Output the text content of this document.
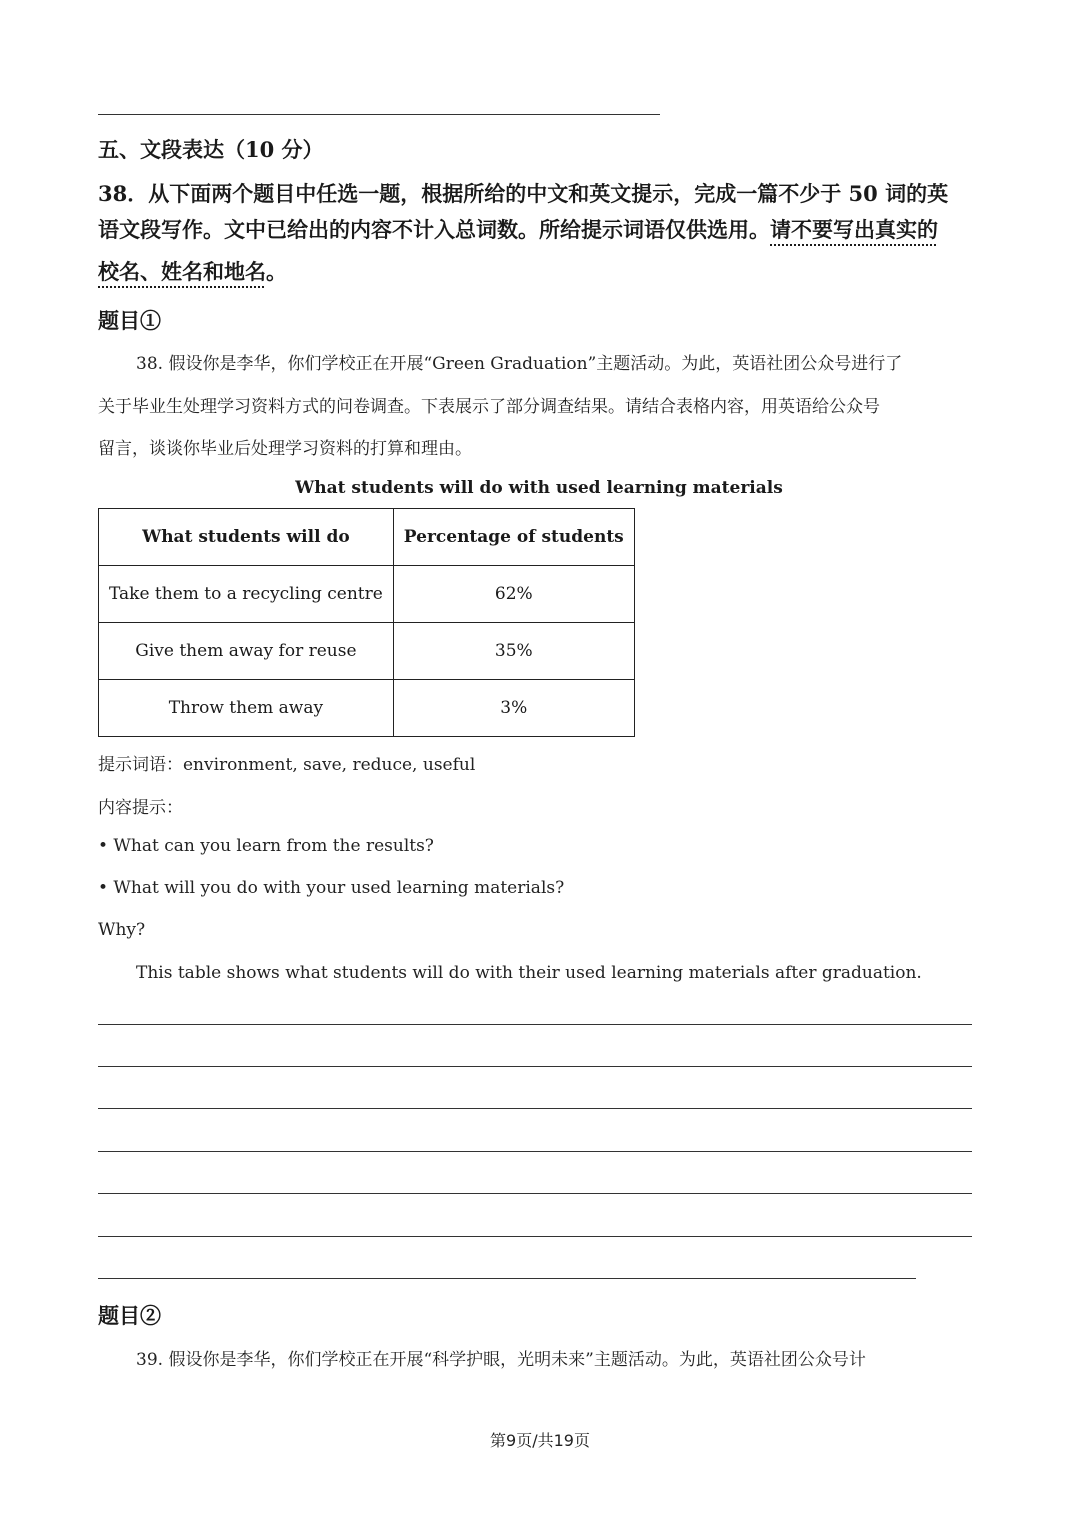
五、文段表达（10 分）
38．从下面两个题目中任选一题，根据所给的中文和英文提示，完成一篇不少于 50 词的英
语文段写作。文中已给出的内容不计入总词数。所给提示词语仅供选用。请不要写出真实的
校名、姓名和地名。
题目①
38. 假设你是李华，你们学校正在开展“Green Graduation”主题活动。为此，英语社团公众号进行了
关于毕业生处理学习资料方式的问卷调查。下表展示了部分调查结果。请结合表格内容，用英语给公众号
留言，谈谈你毕业后处理学习资料的打算和理由。
What students will do with used learning materials
What students will do	Percentage of students
Take them to a recycling centre	62%
Give them away for reuse	35%
Throw them away	3%
提示词语：environment, save, reduce, useful
内容提示：
• What can you learn from the results?
• What will you do with your used learning materials?
Why?
This table shows what students will do with their used learning materials after graduation.
题目②
39. 假设你是李华，你们学校正在开展“科学护眼，光明未来”主题活动。为此，英语社团公众号计
第9页/共19页
